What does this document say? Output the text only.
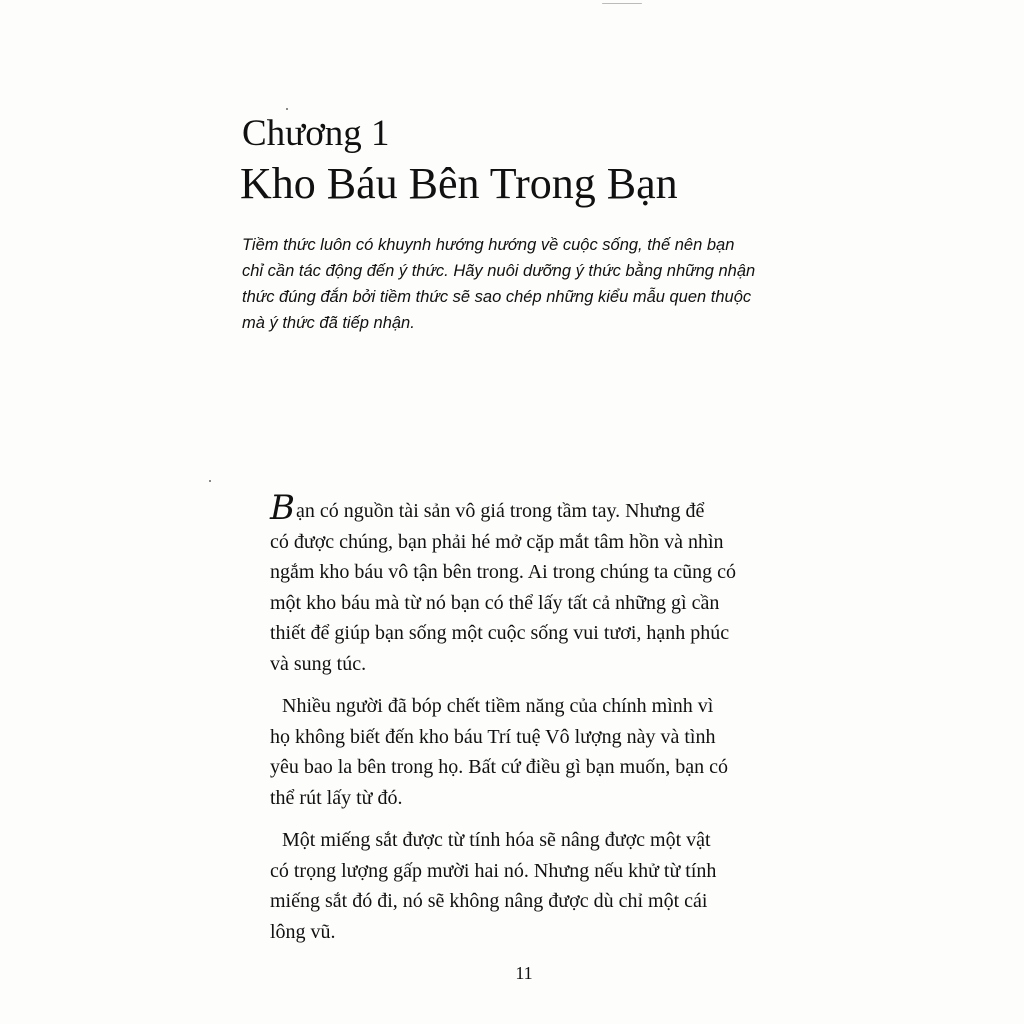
Chương 1
Kho Báu Bên Trong Bạn
Tiềm thức luôn có khuynh hướng hướng về cuộc sống, thế nên bạn
chỉ cần tác động đến ý thức. Hãy nuôi dưỡng ý thức bằng những nhận
thức đúng đắn bởi tiềm thức sẽ sao chép những kiểu mẫu quen thuộc
mà ý thức đã tiếp nhận.
Bạn có nguồn tài sản vô giá trong tầm tay. Nhưng để
có được chúng, bạn phải hé mở cặp mắt tâm hồn và nhìn
ngắm kho báu vô tận bên trong. Ai trong chúng ta cũng có
một kho báu mà từ nó bạn có thể lấy tất cả những gì cần
thiết để giúp bạn sống một cuộc sống vui tươi, hạnh phúc
và sung túc.
Nhiều người đã bóp chết tiềm năng của chính mình vì
họ không biết đến kho báu Trí tuệ Vô lượng này và tình
yêu bao la bên trong họ. Bất cứ điều gì bạn muốn, bạn có
thể rút lấy từ đó.
Một miếng sắt được từ tính hóa sẽ nâng được một vật
có trọng lượng gấp mười hai nó. Nhưng nếu khử từ tính
miếng sắt đó đi, nó sẽ không nâng được dù chỉ một cái
lông vũ.
11
